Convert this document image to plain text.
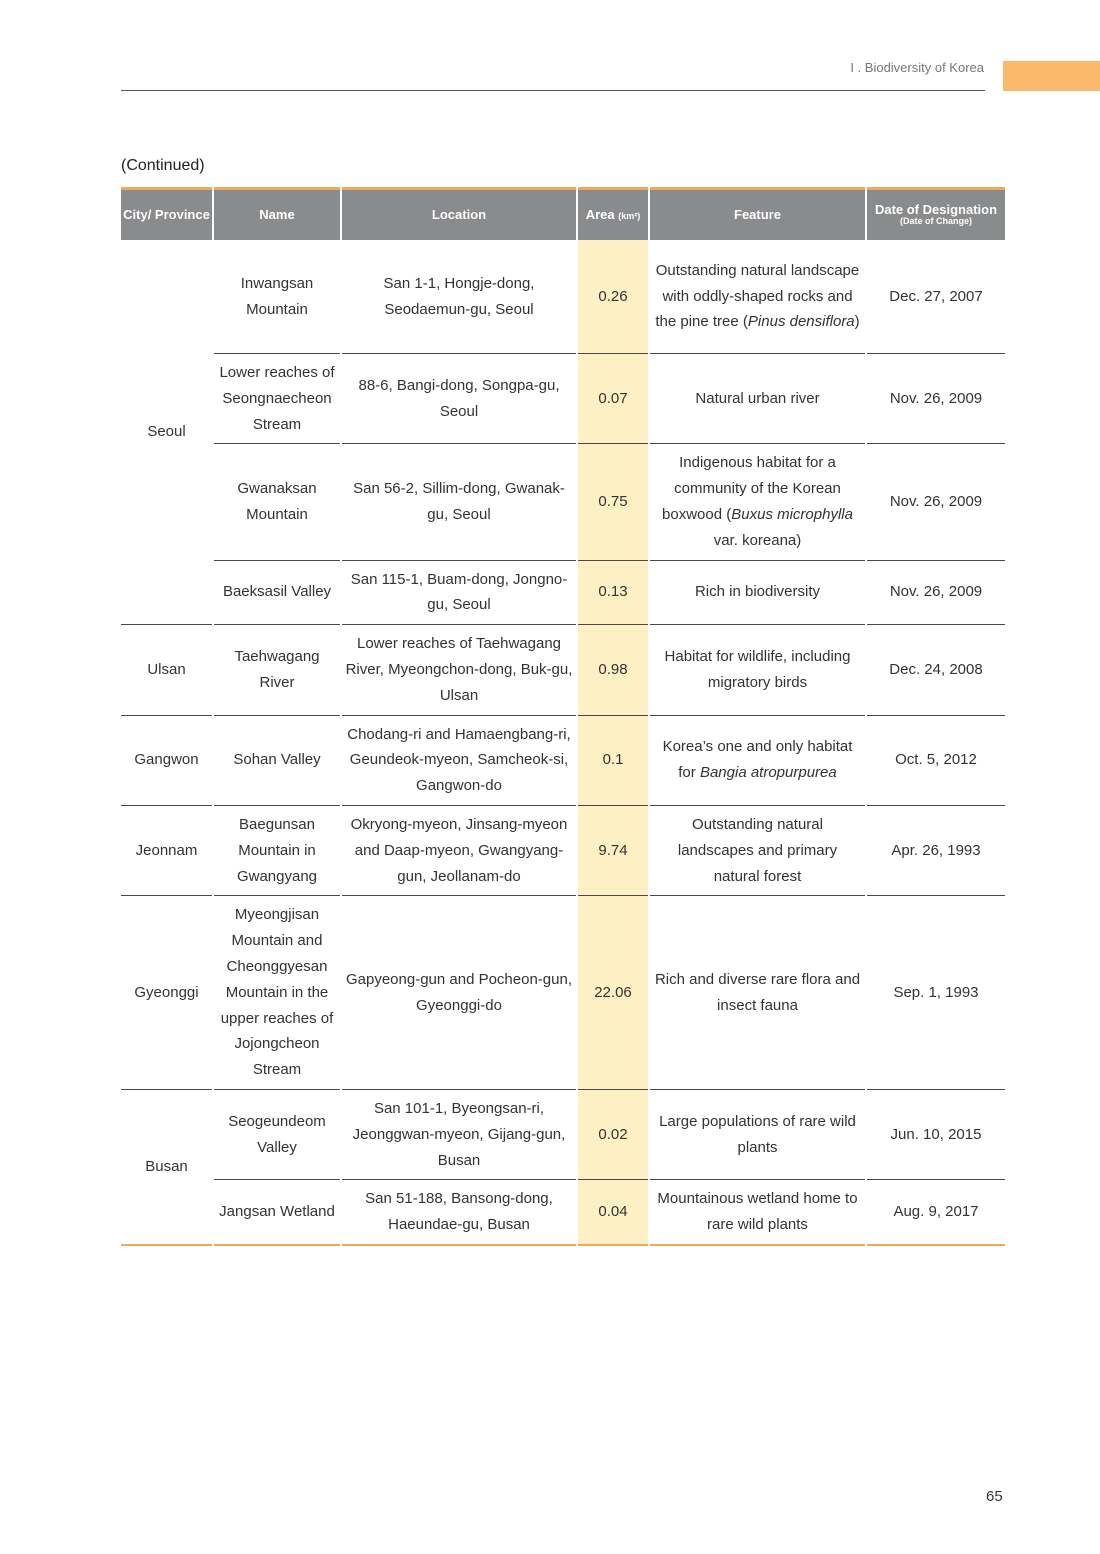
I . Biodiversity of Korea
(Continued)
City/ Province	Name	Location	Area (km²)	Feature	Date of Designation
(Date of Change)

Seoul	Inwangsan Mountain	San 1-1, Hongje-dong, Seodaemun-gu, Seoul	0.26	Outstanding natural landscape with oddly-shaped rocks and the pine tree (Pinus densiflora)	Dec. 27, 2007
	Lower reaches of Seongnaecheon Stream	88-6, Bangi-dong, Songpa-gu, Seoul	0.07	Natural urban river	Nov. 26, 2009
	Gwanaksan Mountain	San 56-2, Sillim-dong, Gwanak-gu, Seoul	0.75	Indigenous habitat for a community of the Korean boxwood (Buxus microphylla var. koreana)	Nov. 26, 2009
	Baeksasil Valley	San 115-1, Buam-dong, Jongno-gu, Seoul	0.13	Rich in biodiversity	Nov. 26, 2009
Ulsan	Taehwagang River	Lower reaches of Taehwagang River, Myeongchon-dong, Buk-gu, Ulsan	0.98	Habitat for wildlife, including migratory birds	Dec. 24, 2008
Gangwon	Sohan Valley	Chodang-ri and Hamaengbang-ri, Geundeok-myeon, Samcheok-si, Gangwon-do	0.1	Korea’s one and only habitat for Bangia atropurpurea	Oct. 5, 2012
Jeonnam	Baegunsan Mountain in Gwangyang	Okryong-myeon, Jinsang-myeon and Daap-myeon, Gwangyang-gun, Jeollanam-do	9.74	Outstanding natural landscapes and primary natural forest	Apr. 26, 1993
Gyeonggi	Myeongjisan Mountain and Cheonggyesan Mountain in the upper reaches of Jojongcheon Stream	Gapyeong-gun and Pocheon-gun, Gyeonggi-do	22.06	Rich and diverse rare flora and insect fauna	Sep. 1, 1993
Busan	Seogeundeom Valley	San 101-1, Byeongsan-ri, Jeonggwan-myeon, Gijang-gun, Busan	0.02	Large populations of rare wild plants	Jun. 10, 2015
	Jangsan Wetland	San 51-188, Bansong-dong, Haeundae-gu, Busan	0.04	Mountainous wetland home to rare wild plants	Aug. 9, 2017
65
